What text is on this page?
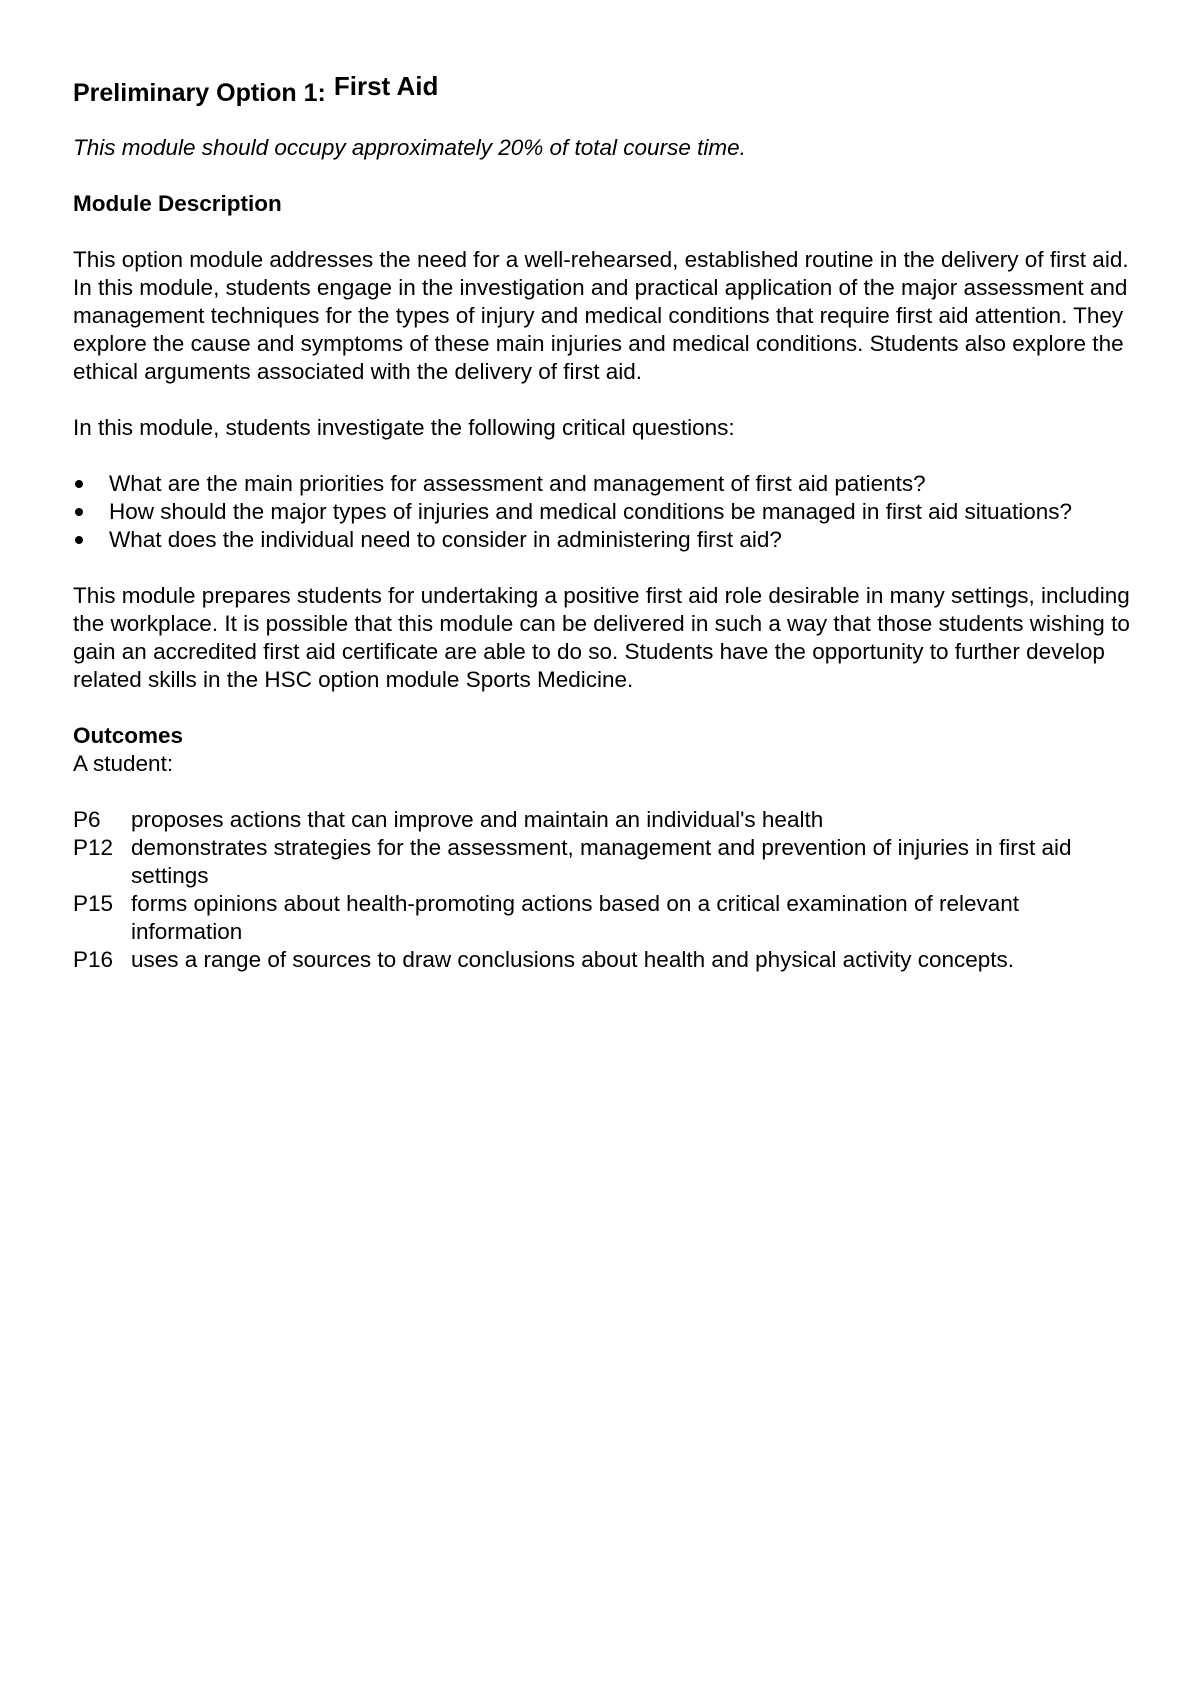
Preliminary Option 1: First Aid

This module should occupy approximately 20% of total course time.

Module Description

This option module addresses the need for a well-rehearsed, established routine in the delivery of first aid. In this module, students engage in the investigation and practical application of the major assessment and management techniques for the types of injury and medical conditions that require first aid attention. They explore the cause and symptoms of these main injuries and medical conditions. Students also explore the ethical arguments associated with the delivery of first aid.

In this module, students investigate the following critical questions:

What are the main priorities for assessment and management of first aid patients?
How should the major types of injuries and medical conditions be managed in first aid situations?
What does the individual need to consider in administering first aid?

This module prepares students for undertaking a positive first aid role desirable in many settings, including the workplace. It is possible that this module can be delivered in such a way that those students wishing to gain an accredited first aid certificate are able to do so. Students have the opportunity to further develop related skills in the HSC option module Sports Medicine.

Outcomes

A student:

P6	proposes actions that can improve and maintain an individual's health
P12 demonstrates strategies for the assessment, management and prevention of injuries in first aid settings
P15 forms opinions about health-promoting actions based on a critical examination of relevant information
P16 uses a range of sources to draw conclusions about health and physical activity concepts.
